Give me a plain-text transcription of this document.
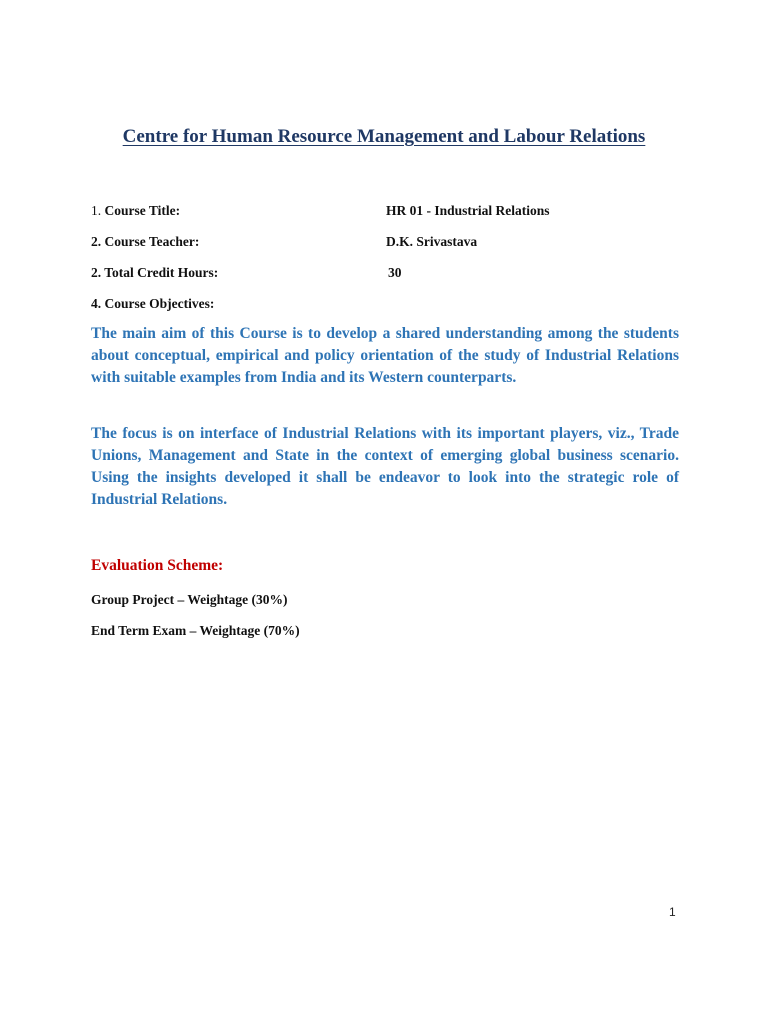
Centre for Human Resource Management and Labour Relations
1. Course Title:	HR 01 - Industrial Relations
2. Course Teacher:	D.K. Srivastava
2. Total Credit Hours:	30
4. Course Objectives:

The main aim of this Course is to develop a shared understanding among the students about conceptual, empirical and policy orientation of the study of Industrial Relations with suitable examples from India and its Western counterparts.

The focus is on interface of Industrial Relations with its important players, viz., Trade Unions, Management and State in the context of emerging global business scenario. Using the insights developed it shall be endeavor to look into the strategic role of Industrial Relations.

Evaluation Scheme:
Group Project – Weightage (30%)
End Term Exam – Weightage (70%)
1
